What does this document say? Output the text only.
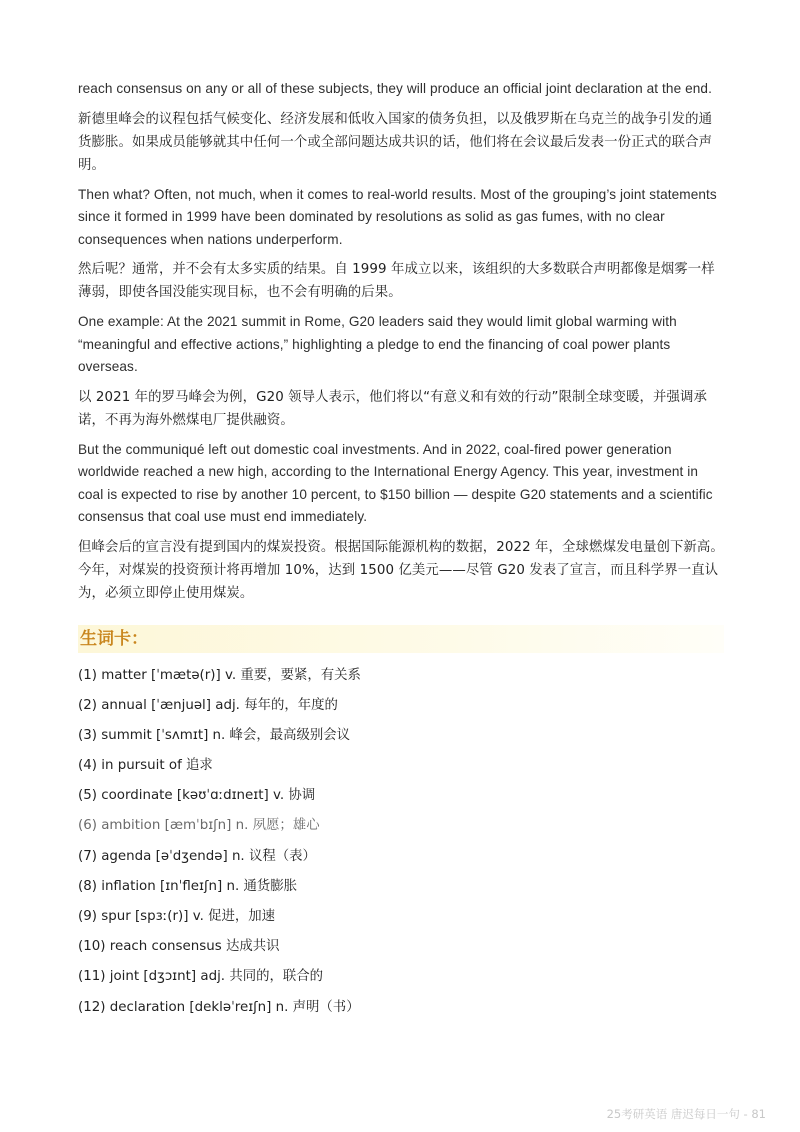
reach consensus on any or all of these subjects, they will produce an official joint declaration at the end.

新德里峰会的议程包括气候变化、经济发展和低收入国家的债务负担，以及俄罗斯在乌克兰的战争引发的通货膨胀。如果成员能够就其中任何一个或全部问题达成共识的话，他们将在会议最后发表一份正式的联合声明。

Then what? Often, not much, when it comes to real-world results. Most of the grouping’s joint statements since it formed in 1999 have been dominated by resolutions as solid as gas fumes, with no clear consequences when nations underperform.

然后呢？通常，并不会有太多实质的结果。自 1999 年成立以来，该组织的大多数联合声明都像是烟雾一样薄弱，即使各国没能实现目标，也不会有明确的后果。

One example: At the 2021 summit in Rome, G20 leaders said they would limit global warming with “meaningful and effective actions,” highlighting a pledge to end the financing of coal power plants overseas.

以 2021 年的罗马峰会为例，G20 领导人表示，他们将以“有意义和有效的行动”限制全球变暖，并强调承诺，不再为海外燃煤电厂提供融资。

But the communiqué left out domestic coal investments. And in 2022, coal-fired power generation worldwide reached a new high, according to the International Energy Agency. This year, investment in coal is expected to rise by another 10 percent, to $150 billion — despite G20 statements and a scientific consensus that coal use must end immediately.

但峰会后的宣言没有提到国内的煤炭投资。根据国际能源机构的数据，2022 年，全球燃煤发电量创下新高。今年，对煤炭的投资预计将再增加 10%，达到 1500 亿美元——尽管 G20 发表了宣言，而且科学界一直认为，必须立即停止使用煤炭。

生词卡：
(1) matter [ˈmætə(r)] v. 重要，要紧，有关系
(2) annual [ˈænjuəl] adj. 每年的，年度的
(3) summit [ˈsʌmɪt] n. 峰会，最高级别会议
(4) in pursuit of 追求
(5) coordinate [kəʊˈɑːdɪneɪt] v. 协调
(6) ambition [æmˈbɪʃn] n. 夙愿；雄心
(7) agenda [əˈdʒendə] n. 议程（表）
(8) inflation [ɪnˈfleɪʃn] n. 通货膨胀
(9) spur [spɜː(r)] v. 促进，加速
(10) reach consensus 达成共识
(11) joint [dʒɔɪnt] adj. 共同的，联合的
(12) declaration [dekləˈreɪʃn] n. 声明（书）
25考研英语 唐迟每日一句 - 81
